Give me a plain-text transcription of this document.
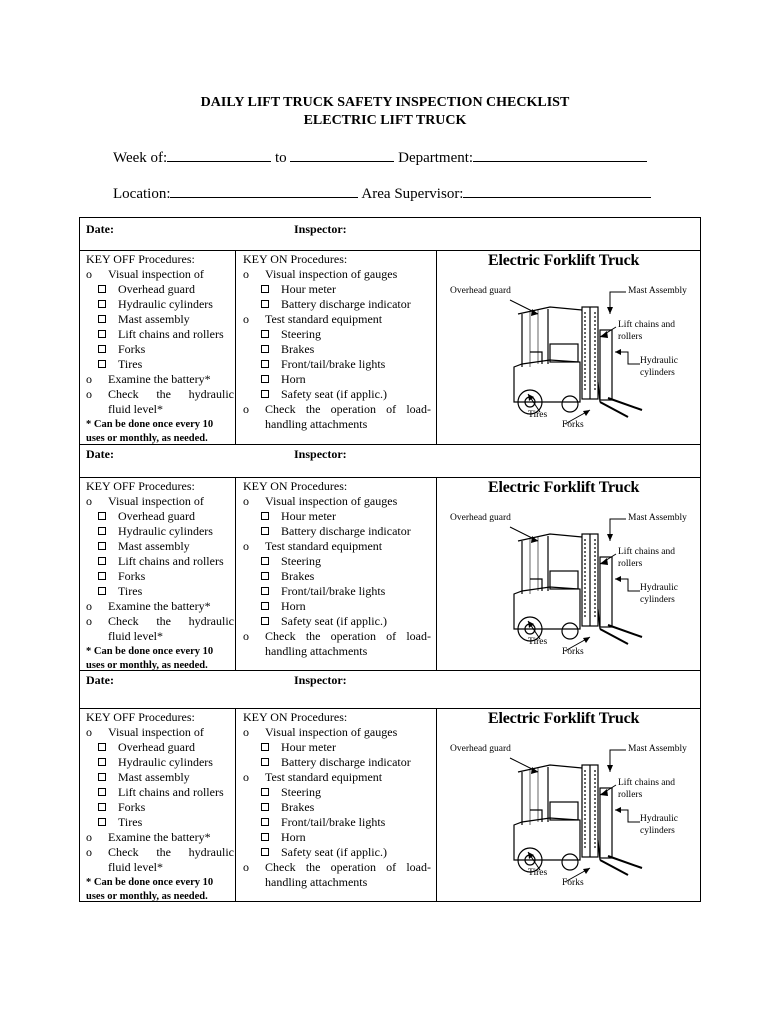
DAILY LIFT TRUCK SAFETY INSPECTION CHECKLIST
ELECTRIC LIFT TRUCK
Week of:	to	Department:
Location:	Area Supervisor:
Date:	Inspector:
Date:	Inspector:
Date:	Inspector:
KEY OFF Procedures:
o Visual inspection of
Overhead guard
Hydraulic cylinders
Mast assembly
Lift chains and rollers
Forks
Tires
o Examine the battery*
o Check the hydraulic
fluid level*
* Can be done once every 10 uses or monthly, as needed.
KEY ON Procedures:
o Visual inspection of gauges
Hour meter
Battery discharge indicator
o Test standard equipment
Steering
Brakes
Front/tail/brake lights
Horn
Safety seat (if applic.)
o Check the operation of load-
handling attachments
Electric Forklift Truck
Overhead guard	Mast Assembly
Lift chains and
rollers
Hydraulic
cylinders
Tires
Forks
KEY OFF Procedures:
o Visual inspection of
Overhead guard
Hydraulic cylinders
Mast assembly
Lift chains and rollers
Forks
Tires
o Examine the battery*
o Check the hydraulic
fluid level*
* Can be done once every 10 uses or monthly, as needed.
KEY ON Procedures:
o Visual inspection of gauges
Hour meter
Battery discharge indicator
o Test standard equipment
Steering
Brakes
Front/tail/brake lights
Horn
Safety seat (if applic.)
o Check the operation of load-
handling attachments
Electric Forklift Truck
Overhead guard	Mast Assembly
Lift chains and
rollers
Hydraulic
cylinders
Tires
Forks
KEY OFF Procedures:
o Visual inspection of
Overhead guard
Hydraulic cylinders
Mast assembly
Lift chains and rollers
Forks
Tires
o Examine the battery*
o Check the hydraulic
fluid level*
* Can be done once every 10 uses or monthly, as needed.
KEY ON Procedures:
o Visual inspection of gauges
Hour meter
Battery discharge indicator
o Test standard equipment
Steering
Brakes
Front/tail/brake lights
Horn
Safety seat (if applic.)
o Check the operation of load-
handling attachments
Electric Forklift Truck
Overhead guard	Mast Assembly
Lift chains and
rollers
Hydraulic
cylinders
Tires
Forks
